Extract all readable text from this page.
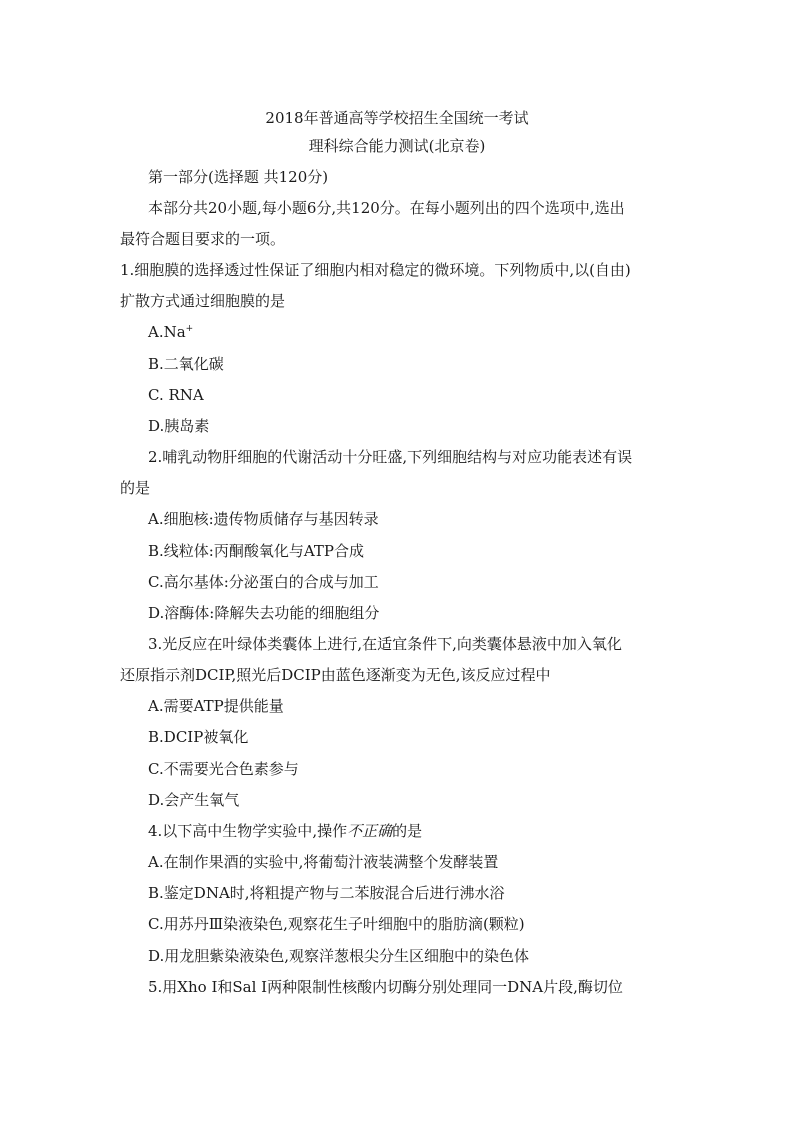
2018年普通高等学校招生全国统一考试
理科综合能力测试(北京卷)
第一部分(选择题 共120分)
本部分共20小题,每小题6分,共120分。在每小题列出的四个选项中,选出
最符合题目要求的一项。
1.细胞膜的选择透过性保证了细胞内相对稳定的微环境。下列物质中,以(自由)
扩散方式通过细胞膜的是
A.Na+
B.二氧化碳
C. RNA
D.胰岛素
2.哺乳动物肝细胞的代谢活动十分旺盛,下列细胞结构与对应功能表述有误
的是
A.细胞核:遗传物质储存与基因转录
B.线粒体:丙酮酸氧化与ATP合成
C.高尔基体:分泌蛋白的合成与加工
D.溶酶体:降解失去功能的细胞组分
3.光反应在叶绿体类囊体上进行,在适宜条件下,向类囊体悬液中加入氧化
还原指示剂DCIP,照光后DCIP由蓝色逐渐变为无色,该反应过程中
A.需要ATP提供能量
B.DCIP被氧化
C.不需要光合色素参与
D.会产生氧气
4.以下高中生物学实验中,操作不正确的是
A.在制作果酒的实验中,将葡萄汁液装满整个发酵装置
B.鉴定DNA时,将粗提产物与二苯胺混合后进行沸水浴
C.用苏丹Ⅲ染液染色,观察花生子叶细胞中的脂肪滴(颗粒)
D.用龙胆紫染液染色,观察洋葱根尖分生区细胞中的染色体
5.用Xho Ⅰ和Sal Ⅰ两种限制性核酸内切酶分别处理同一DNA片段,酶切位
